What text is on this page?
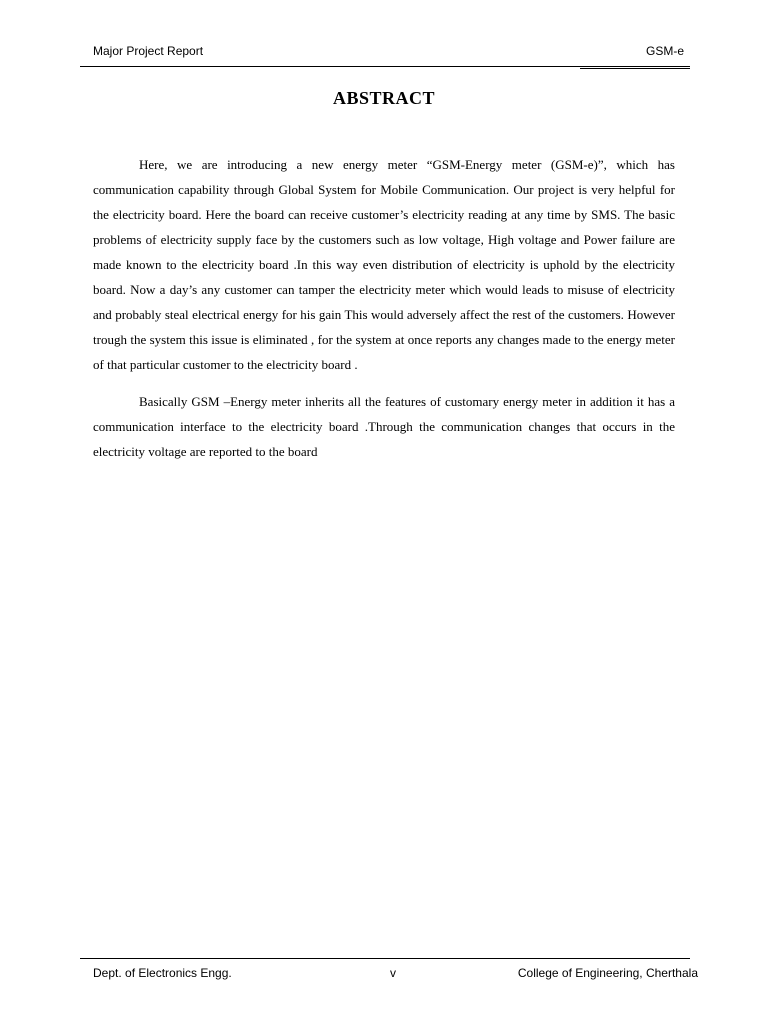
Major Project Report	GSM-e
ABSTRACT

Here, we are introducing a new energy meter “GSM-Energy meter (GSM-e)”, which has communication capability through Global System for Mobile Communication. Our project is very helpful for the electricity board. Here the board can receive customer’s electricity reading at any time by SMS. The basic problems of electricity supply face by the customers such as low voltage, High voltage and Power failure are made known to the electricity board .In this way even distribution of electricity is uphold by the electricity board. Now a day’s any customer can tamper the electricity meter which would leads to misuse of electricity and probably steal electrical energy for his gain This would adversely affect the rest of the customers. However trough the system this issue is eliminated , for the system at once reports any changes made to the energy meter of that particular customer to the electricity board .

Basically GSM –Energy meter inherits all the features of customary energy meter in addition it has a communication interface to the electricity board .Through the communication changes that occurs in the electricity voltage are reported to the board

Dept. of Electronics Engg.	v	College of Engineering, Cherthala
